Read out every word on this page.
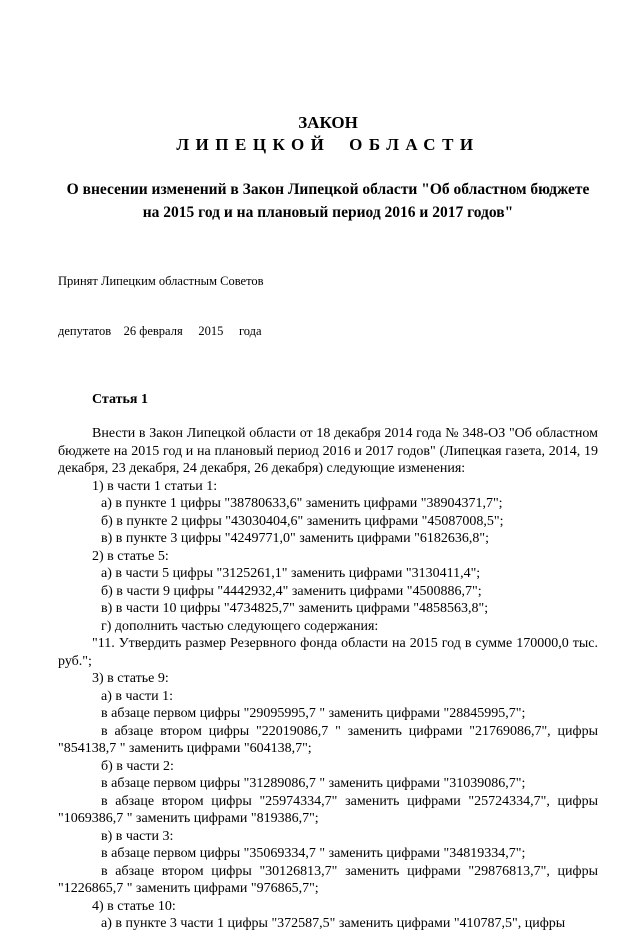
ЗАКОН
ЛИПЕЦКОЙ ОБЛАСТИ
О внесении изменений в Закон Липецкой области "Об областном бюджете на 2015 год и на плановый период 2016 и 2017 годов"

Принят Липецким областным Советов

депутатов    26 февраля     2015     года

Статья 1

Внести в Закон Липецкой области от 18 декабря 2014 года № 348-ОЗ "Об областном бюджете на 2015 год и на плановый период 2016 и 2017 годов" (Липецкая газета, 2014, 19 декабря, 23 декабря, 24 декабря, 26 декабря) следующие изменения:

1) в части 1 статьи 1:

а) в пункте 1 цифры "38780633,6" заменить цифрами "38904371,7";

б) в пункте 2 цифры "43030404,6" заменить цифрами "45087008,5";

в) в пункте 3 цифры "4249771,0" заменить цифрами "6182636,8";

2) в статье 5:

а) в части 5 цифры "3125261,1" заменить цифрами "3130411,4";

б) в части 9 цифры "4442932,4" заменить цифрами "4500886,7";

в) в части 10 цифры "4734825,7" заменить цифрами "4858563,8";

г) дополнить частью следующего содержания:

"11. Утвердить размер Резервного фонда области на 2015 год в сумме 170000,0 тыс. руб.";

3) в статье 9:

а) в части 1:

в абзаце первом цифры "29095995,7 " заменить цифрами "28845995,7";

в абзаце втором цифры "22019086,7 " заменить цифрами "21769086,7", цифры "854138,7 " заменить цифрами "604138,7";

б) в части 2:

в абзаце первом цифры "31289086,7 " заменить цифрами "31039086,7";

в абзаце втором цифры "25974334,7" заменить цифрами "25724334,7", цифры "1069386,7 " заменить цифрами "819386,7";

в) в части 3:

в абзаце первом цифры "35069334,7 " заменить цифрами "34819334,7";

в абзаце втором цифры "30126813,7" заменить цифрами "29876813,7", цифры "1226865,7 " заменить цифрами "976865,7";

4) в статье 10:

а) в пункте 3 части 1 цифры "372587,5" заменить цифрами "410787,5", цифры
